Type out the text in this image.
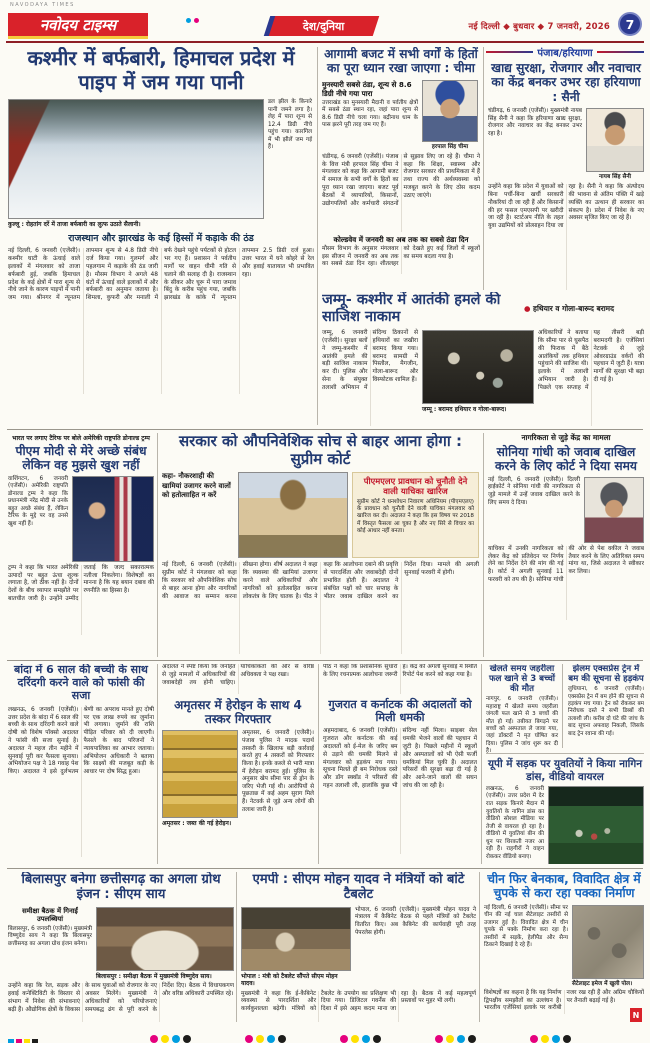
NAVODAYA TIMES
नवोदय टाइम्स	देश/दुनिया	नई दिल्ली ◆ बुधवार ◆ 7 जनवरी, 2026	7
पंजाब/हरियाणा
कश्मीर में बर्फबारी, हिमाचल प्रदेश में पाइप में जम गया पानी
कुल्लू : रोहतांग दर्रे में ताजा बर्फबारी का लुत्फ उठाते सैलानी।
डल झील के किनारे पानी जमने लगा है। लेह में पारा शून्य से 12.4 डिग्री नीचे पहुंच गया। कारगिल में भी झीलें जम गई हैं।
राजस्थान और झारखंड के कई हिस्सों में कड़ाके की ठंड
नई दिल्ली, 6 जनवरी (एजेंसी)। कश्मीर घाटी के ऊंचाई वाले इलाकों में मंगलवार को ताजा बर्फबारी हुई, जबकि हिमाचल प्रदेश के कई क्षेत्रों में पारा शून्य से नीचे जाने के कारण पाइपों में पानी जम गया। श्रीनगर में न्यूनतम तापमान शून्य से 4.8 डिग्री नीचे दर्ज किया गया। गुलमर्ग और पहलगाम में कड़ाके की ठंड जारी है। मौसम विभाग ने अगले 48 घंटों में ऊंचाई वाले इलाकों में और बर्फबारी का अनुमान जताया है। शिमला, कुफरी और मनाली में बर्फ देखने पहुंचे पर्यटकों से होटल भर गए हैं। प्रशासन ने पर्वतीय मार्गों पर वाहन धीमी गति से चलाने की सलाह दी है। राजस्थान के सीकर और चूरू में पारा जमाव बिंदु के करीब पहुंच गया, जबकि झारखंड के कांके में न्यूनतम तापमान 2.5 डिग्री दर्ज हुआ। उत्तर भारत में घने कोहरे से रेल और हवाई यातायात भी प्रभावित रहा।
आगामी बजट में सभी वर्गों के हितों का पूरा ध्यान रखा जाएगा : चीमा
मुनस्यारी सबसे ठंडा, शून्य से 8.6 डिग्री नीचे गया पारा
उत्तराखंड का मुनस्यारी मैदानी व पर्वतीय क्षेत्रों में सबसे ठंडा स्थान रहा, जहां पारा शून्य से 8.6 डिग्री नीचे चला गया। बद्रीनाथ धाम के पास झरने पूरी तरह जम गए हैं।
हरपाल सिंह चीमा
चंडीगढ़, 6 जनवरी (एजेंसी)। पंजाब के वित्त मंत्री हरपाल सिंह चीमा ने मंगलवार को कहा कि आगामी बजट में समाज के सभी वर्गों के हितों का पूरा ध्यान रखा जाएगा। बजट पूर्व बैठकों में व्यापारियों, किसानों, उद्योगपतियों और कर्मचारी संगठनों से सुझाव लिए जा रहे हैं। चीमा ने कहा कि शिक्षा, स्वास्थ्य और रोजगार सरकार की प्राथमिकता में हैं तथा राज्य की अर्थव्यवस्था को मजबूत करने के लिए ठोस कदम उठाए जाएंगे।
कोल्डवेव में जनवरी का अब तक का सबसे ठंडा दिन
मौसम विभाग के अनुसार मंगलवार इस सीजन में जनवरी का अब तक का सबसे ठंडा दिन रहा। शीतलहर को देखते हुए कई जिलों में स्कूलों का समय बदला गया है।
खाद्य सुरक्षा, रोजगार और नवाचार का केंद्र बनकर उभर रहा हरियाणा : सैनी
चंडीगढ़, 6 जनवरी (एजेंसी)। मुख्यमंत्री नायब सिंह सैनी ने कहा कि हरियाणा खाद्य सुरक्षा, रोजगार और नवाचार का केंद्र बनकर उभर रहा है।
नायब सिंह सैनी
उन्होंने कहा कि प्रदेश में युवाओं को बिना पर्ची-बिना खर्ची सरकारी नौकरियां दी जा रही हैं और किसानों की हर फसल एमएसपी पर खरीदी जा रही है। स्टार्टअप नीति के तहत युवा उद्यमियों को प्रोत्साहन दिया जा रहा है। सैनी ने कहा कि अंत्योदय की भावना से अंतिम पंक्ति में खड़े व्यक्ति का उत्थान ही सरकार का संकल्प है। प्रदेश में निवेश के नए अवसर सृजित किए जा रहे हैं।
जम्मू- कश्मीर में आतंकी हमले की साजिश नाकाम
● हथियार व गोला-बारूद बरामद
जम्मू, 6 जनवरी (एजेंसी)। सुरक्षा बलों ने जम्मू-कश्मीर में आतंकी हमले की बड़ी साजिश नाकाम कर दी। पुलिस और सेना के संयुक्त तलाशी अभियान में संदिग्ध ठिकानों से हथियारों का जखीरा बरामद किया गया। बरामद सामग्री में पिस्तौल, मैगजीन, गोला-बारूद और विस्फोटक शामिल हैं।
जम्मू : बरामद हथियार व गोला-बारूद।
अधिकारियों ने बताया कि सीमा पार से घुसपैठ की फिराक में बैठे आतंकियों तक हथियार पहुंचाने की साजिश थी। इलाके में तलाशी अभियान जारी है। पिछले एक सप्ताह में यह तीसरी बड़ी बरामदगी है। एजेंसियां नेटवर्क से जुड़े ओवरग्राउंड वर्करों की पहचान में जुटी हैं। यात्रा मार्गों की सुरक्षा भी बढ़ा दी गई है।
भारत पर लगाए टैरिफ पर बोले अमेरिकी राष्ट्रपति डोनाल्ड ट्रम्प
पीएम मोदी से मेरे अच्छे संबंध लेकिन वह मुझसे खुश नहीं
वाशिंगटन, 6 जनवरी (एजेंसी)। अमेरिकी राष्ट्रपति डोनाल्ड ट्रम्प ने कहा कि प्रधानमंत्री नरेंद्र मोदी से उनके बहुत अच्छे संबंध हैं, लेकिन टैरिफ के मुद्दे पर वह उनसे खुश नहीं हैं।
ट्रम्प ने कहा कि भारत अमेरिकी उत्पादों पर बहुत ऊंचा शुल्क लगाता है, जो ठीक नहीं है। दोनों देशों के बीच व्यापार समझौते पर बातचीत जारी है। उन्होंने उम्मीद जताई कि जल्द सकारात्मक नतीजा निकलेगा। विशेषज्ञों का मानना है कि यह बयान दबाव की रणनीति का हिस्सा है।
सरकार को औपनिवेशिक सोच से बाहर आना होगा : सुप्रीम कोर्ट
कहा- नौकरशाही की खामियां उजागर करने वालों को हतोत्साहित न करें
पीएमएलए प्रावधान को चुनौती देने वाली याचिका खारिज
सुप्रीम कोर्ट ने धनशोधन निवारण अधिनियम (पीएमएलए) के प्रावधान को चुनौती देने वाली याचिका मंगलवार को खारिज कर दी। अदालत ने कहा कि इस विषय पर 2018 में विस्तृत फैसला आ चुका है और नए सिरे से विचार का कोई आधार नहीं बनता।
नई दिल्ली, 6 जनवरी (एजेंसी)। सुप्रीम कोर्ट ने मंगलवार को कहा कि सरकार को औपनिवेशिक सोच से बाहर आना होगा और नागरिकों की आवाज का सम्मान करना सीखना होगा। शीर्ष अदालत ने कहा कि व्यवस्था की खामियां उजागर करने वाले अधिकारियों और नागरिकों को हतोत्साहित करना लोकतंत्र के लिए घातक है। पीठ ने कहा कि आलोचना दबाने की प्रवृत्ति से पारदर्शिता और जवाबदेही दोनों प्रभावित होती हैं। अदालत ने संबंधित पक्षों को चार सप्ताह के भीतर जवाब दाखिल करने का निर्देश दिया। मामले की अगली सुनवाई फरवरी में होगी।
नागरिकता से जुड़े केंद्र का मामला
सोनिया गांधी को जवाब दाखिल करने के लिए कोर्ट ने दिया समय
नई दिल्ली, 6 जनवरी (एजेंसी)। दिल्ली हाईकोर्ट ने सोनिया गांधी की नागरिकता से जुड़े मामले में उन्हें जवाब दाखिल करने के लिए समय दे दिया।
याचिका में उनकी नागरिकता को लेकर केंद्र को प्रतिवेदन पर निर्णय लेने का निर्देश देने की मांग की गई है। कोर्ट ने अगली सुनवाई 11 फरवरी को तय की है। सोनिया गांधी की ओर से पेश वकील ने जवाब तैयार करने के लिए अतिरिक्त समय मांगा था, जिसे अदालत ने स्वीकार कर लिया।
बांदा में 6 साल की बच्ची के साथ दरिंदगी करने वाले को फांसी की सजा
लखनऊ, 6 जनवरी (एजेंसी)। उत्तर प्रदेश के बांदा में 6 साल की बच्ची के साथ दरिंदगी करने वाले दोषी को विशेष पॉक्सो अदालत ने फांसी की सजा सुनाई है। अदालत ने महज तीन महीने में सुनवाई पूरी कर फैसला सुनाया। अभियोजन पक्ष ने 18 गवाह पेश किए। अदालत ने इसे दुर्लभतम श्रेणी का अपराध मानते हुए दोषी पर एक लाख रुपये का जुर्माना भी लगाया। जुर्माने की राशि पीड़ित परिवार को दी जाएगी। फैसले के बाद परिजनों ने न्यायपालिका का आभार जताया। अभियोजन अधिकारी ने बताया कि साक्ष्यों की मजबूत कड़ी के आधार पर दोष सिद्ध हुआ।
अदालत ने स्पष्ट किया कि जनहित से जुड़े मामलों में अधिकारियों की जवाबदेही तय होनी चाहिए। याचिकाकर्ता की ओर से वरिष्ठ अधिवक्ता ने पक्ष रखा।
अमृतसर में हेरोइन के साथ 4 तस्कर गिरफ्तार
अमृतसर : जब्त की गई हेरोइन।
अमृतसर, 6 जनवरी (एजेंसी)। पंजाब पुलिस ने मादक पदार्थ तस्करी के खिलाफ बड़ी कार्रवाई करते हुए 4 तस्करों को गिरफ्तार किया है। इनके कब्जे से भारी मात्रा में हेरोइन बरामद हुई। पुलिस के अनुसार खेप सीमा पार से ड्रोन के जरिए भेजी गई थी। आरोपियों से पूछताछ में कई अहम सुराग मिले हैं। नेटवर्क से जुड़े अन्य लोगों की तलाश जारी है।
पीठ ने कहा कि प्रशासनिक सुधारों के लिए रचनात्मक आलोचना जरूरी है। केंद्र को अगली सुनवाई में स्थिति रिपोर्ट पेश करने को कहा गया है।
गुजरात व कर्नाटक की अदालतों को मिली धमकी
अहमदाबाद, 6 जनवरी (एजेंसी)। गुजरात और कर्नाटक की कई अदालतों को ई-मेल के जरिए बम से उड़ाने की धमकी मिलने से मंगलवार को हड़कंप मच गया। सूचना मिलते ही बम निरोधक दस्ते और डॉग स्क्वॉड ने परिसरों की गहन तलाशी ली, हालांकि कुछ भी संदिग्ध नहीं मिला। साइबर सेल धमकी भेजने वालों की पहचान में जुटी है। पिछले महीनों में स्कूलों और अस्पतालों को भी ऐसी फर्जी धमकियां मिल चुकी हैं। अदालत परिसरों की सुरक्षा बढ़ा दी गई है और आने-जाने वालों की सघन जांच की जा रही है।
खेलते समय जहरीला फल खाने से 3 बच्चों की मौत
नागपुर, 6 जनवरी (एजेंसी)। महाराष्ट्र में खेलते समय जहरीला जंगली फल खाने से 3 बच्चों की मौत हो गई। तबीयत बिगड़ने पर बच्चों को अस्पताल ले जाया गया, जहां डॉक्टरों ने मृत घोषित कर दिया। पुलिस ने जांच शुरू कर दी है।
झेलम एक्सप्रेस ट्रेन में बम की सूचना से हड़कंप
लुधियाना, 6 जनवरी (एजेंसी)। एक्सप्रेस ट्रेन में बम होने की सूचना से हड़कंप मच गया। ट्रेन को रोककर बम निरोधक दस्ते ने सभी डिब्बों की तलाशी ली। करीब दो घंटे की जांच के बाद सूचना अफवाह निकली, जिसके बाद ट्रेन रवाना की गई।
यूपी में सड़क पर युवतियों ने किया नागिन डांस, वीडियो वायरल
लखनऊ, 6 जनवरी (एजेंसी)। उत्तर प्रदेश में देर रात सड़क किनारे मैदान में युवतियों के नागिन डांस का वीडियो सोशल मीडिया पर तेजी से वायरल हो रहा है। वीडियो में युवतियां बीन की धुन पर थिरकती नजर आ रही हैं। राहगीरों ने वाहन रोककर वीडियो बनाए।
बिलासपुर बनेगा छत्तीसगढ़ का अगला ग्रोथ इंजन : सीएम साय
समीक्षा बैठक में गिनाईं उपलब्धियां
बिलासपुर, 6 जनवरी (एजेंसी)। मुख्यमंत्री विष्णुदेव साय ने कहा कि बिलासपुर छत्तीसगढ़ का अगला ग्रोथ इंजन बनेगा।
बिलासपुर : समीक्षा बैठक में मुख्यमंत्री विष्णुदेव साय।
उन्होंने कहा कि रेल, सड़क और हवाई कनेक्टिविटी के विस्तार से संभाग में निवेश की संभावनाएं बढ़ी हैं। औद्योगिक क्षेत्रों के विकास के साथ युवाओं को रोजगार के नए अवसर मिलेंगे। मुख्यमंत्री ने अधिकारियों को परियोजनाएं समयबद्ध ढंग से पूरी करने के निर्देश दिए। बैठक में विधायकगण और वरिष्ठ अधिकारी उपस्थित रहे।
एमपी : सीएम मोहन यादव ने मंत्रियों को बांटे टैबलेट
भोपाल : मंत्री को टैबलेट सौंपते सीएम मोहन यादव।
भोपाल, 6 जनवरी (एजेंसी)। मुख्यमंत्री मोहन यादव ने मंत्रालय में कैबिनेट बैठक से पहले मंत्रियों को टैबलेट वितरित किए। अब कैबिनेट की कार्यवाही पूरी तरह पेपरलेस होगी।
मुख्यमंत्री ने कहा कि ई-कैबिनेट व्यवस्था से पारदर्शिता और कार्यकुशलता बढ़ेगी। मंत्रियों को टैबलेट के उपयोग का प्रशिक्षण भी दिया गया। डिजिटल गवर्नेंस की दिशा में इसे अहम कदम माना जा रहा है। बैठक में कई महत्वपूर्ण प्रस्तावों पर मुहर भी लगी।
चीन फिर बेनकाब, विवादित क्षेत्र में चुपके से करा रहा पक्का निर्माण
नई दिल्ली, 6 जनवरी (एजेंसी)। सीमा पर चीन की नई चाल सैटेलाइट तस्वीरों से उजागर हुई है। विवादित क्षेत्र में चीन चुपके से पक्के निर्माण करा रहा है। तस्वीरों में सड़कें, हेलीपैड और सैन्य ठिकाने दिखाई दे रहे हैं।
सैटेलाइट इमेज में खुली पोल।
विशेषज्ञों का कहना है कि यह निर्माण द्विपक्षीय समझौतों का उल्लंघन है। भारतीय एजेंसियां इलाके पर करीबी नजर रख रही हैं और अग्रिम चौकियों पर तैनाती बढ़ाई गई है।
N
